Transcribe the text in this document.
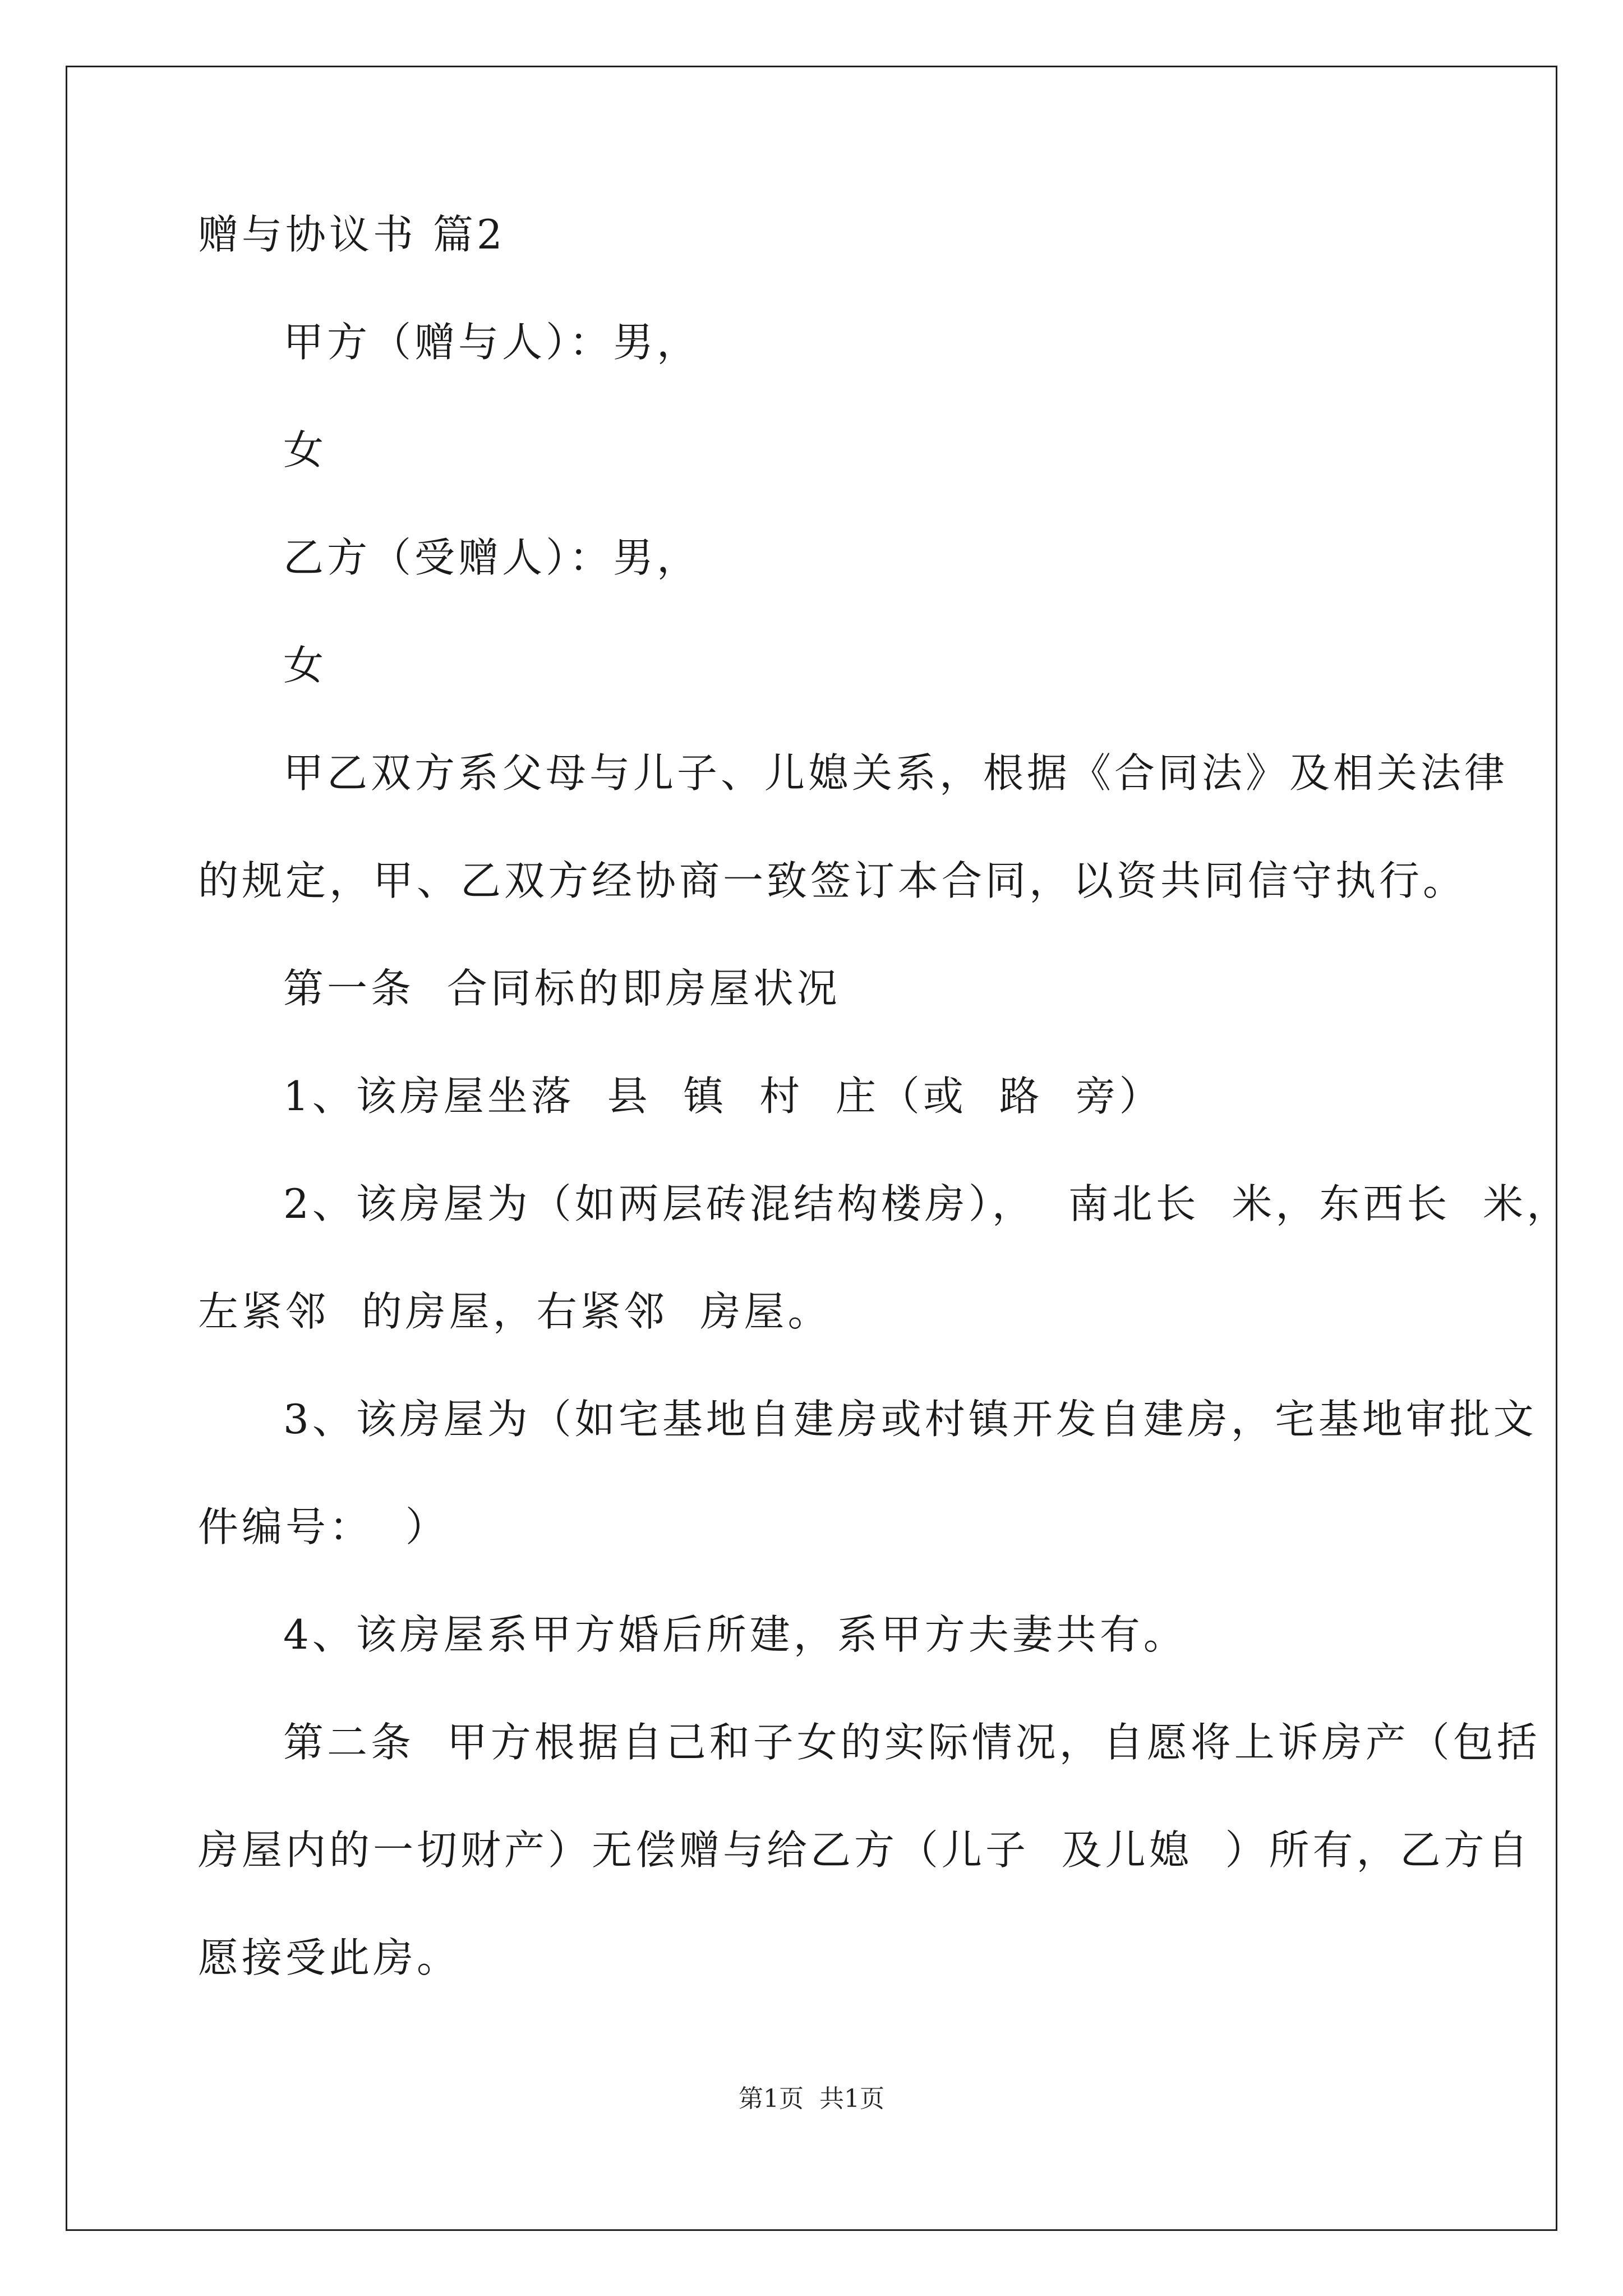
赠与协议书 篇2
甲方（赠与人）：男，
女
乙方（受赠人）：男，
女
甲乙双方系父母与儿子、儿媳关系，根据《合同法》及相关法律
的规定，甲、乙双方经协商一致签订本合同，以资共同信守执行。
第一条  合同标的即房屋状况
1、该房屋坐落  县  镇  村  庄（或  路  旁）
2、该房屋为（如两层砖混结构楼房），  南北长  米，东西长  米，
左紧邻  的房屋，右紧邻  房屋。
3、该房屋为（如宅基地自建房或村镇开发自建房，宅基地审批文
件编号：  ）
4、该房屋系甲方婚后所建，系甲方夫妻共有。
第二条  甲方根据自己和子女的实际情况，自愿将上诉房产（包括
房屋内的一切财产）无偿赠与给乙方（儿子  及儿媳  ）所有，乙方自
愿接受此房。
第1页  共1页
